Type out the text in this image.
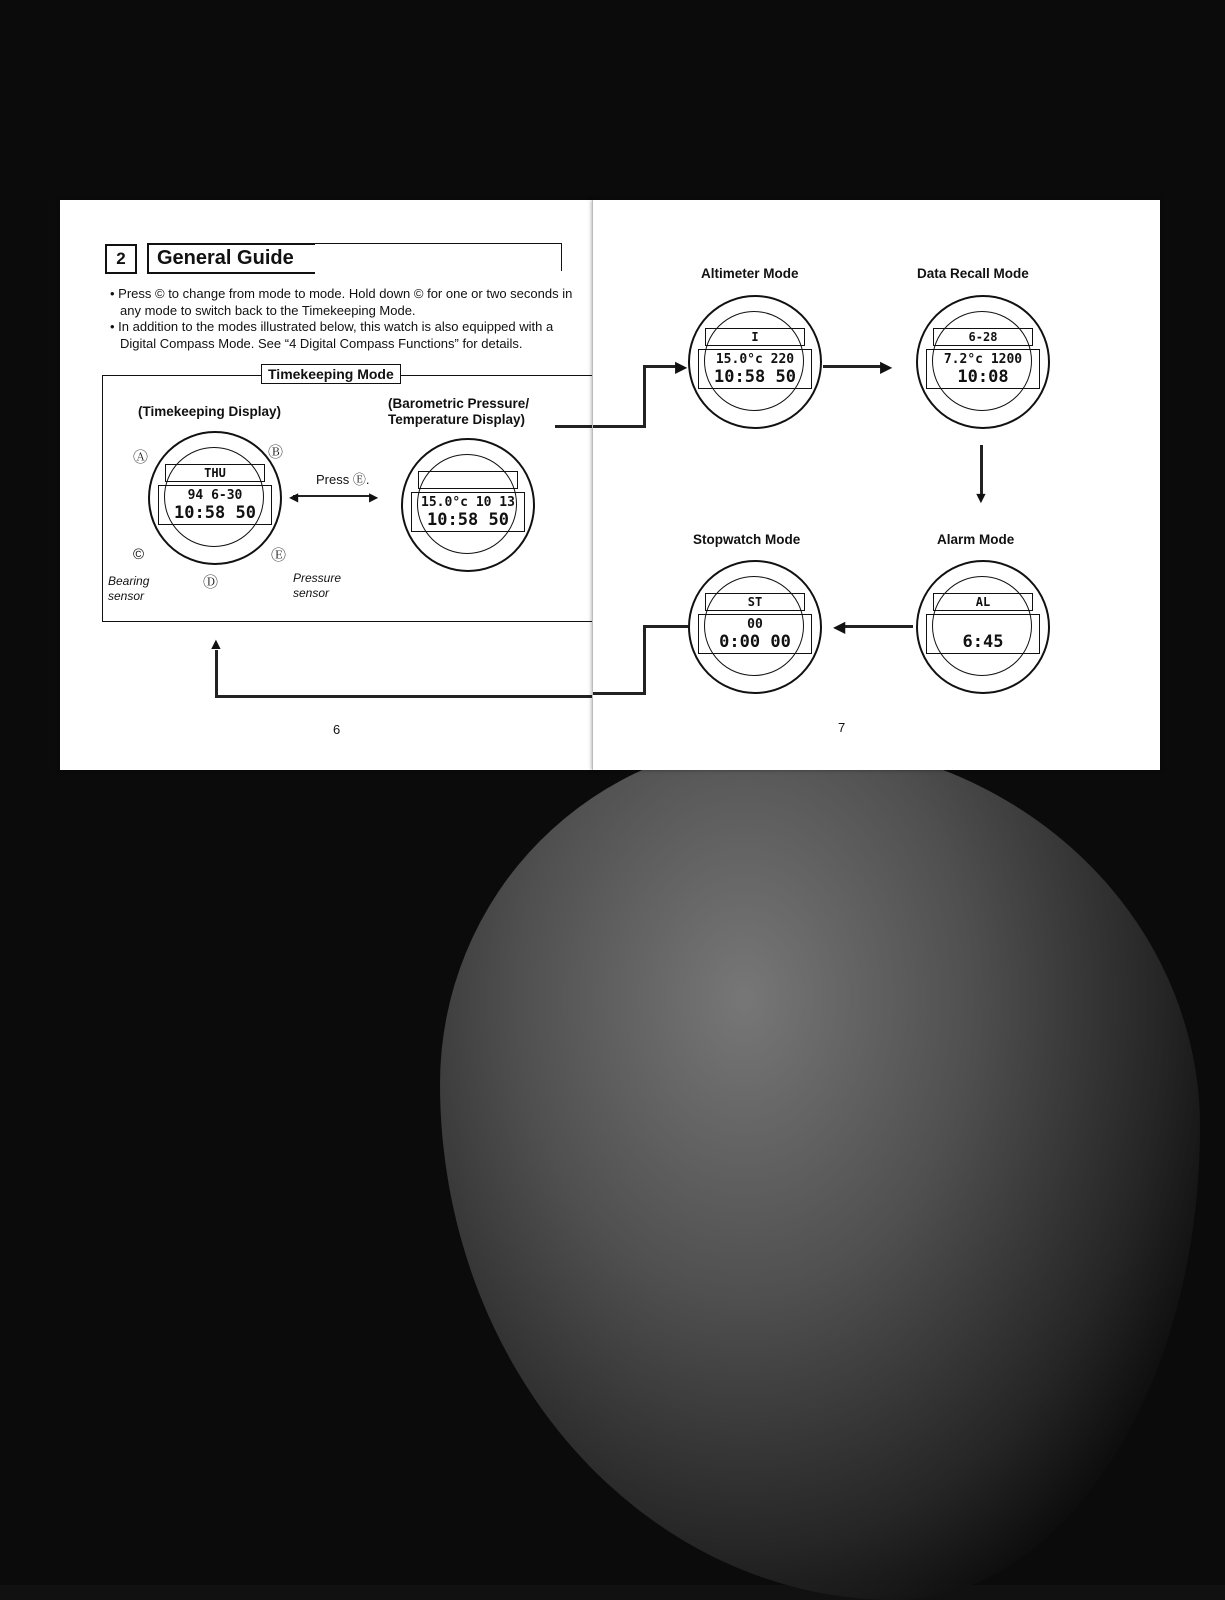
2	General Guide

• Press © to change from mode to mode. Hold down © for one or two seconds in any mode to switch back to the Timekeeping Mode.

• In addition to the modes illustrated below, this watch is also equipped with a Digital Compass Mode. See “4 Digital Compass Functions” for details.

(Timekeeping Display)
(Barometric Pressure/ Temperature Display)
Press Ⓔ.
◀	▶
Ⓐ	Ⓑ
©
Ⓓ
Ⓔ
Bearing sensor
Pressure sensor
THU
94 6-30
10:58 50
15.0°c 10 13
10:58 50
Timekeeping Mode
▲
6
Altimeter Mode	Data Recall Mode
Stopwatch Mode	Alarm Mode
I
15.0°c 220
10:58 50
6-28
7.2°c 1200
10:08
ST
00
0:00 00
AL
6:45
▶	▶
▼
◀
7
